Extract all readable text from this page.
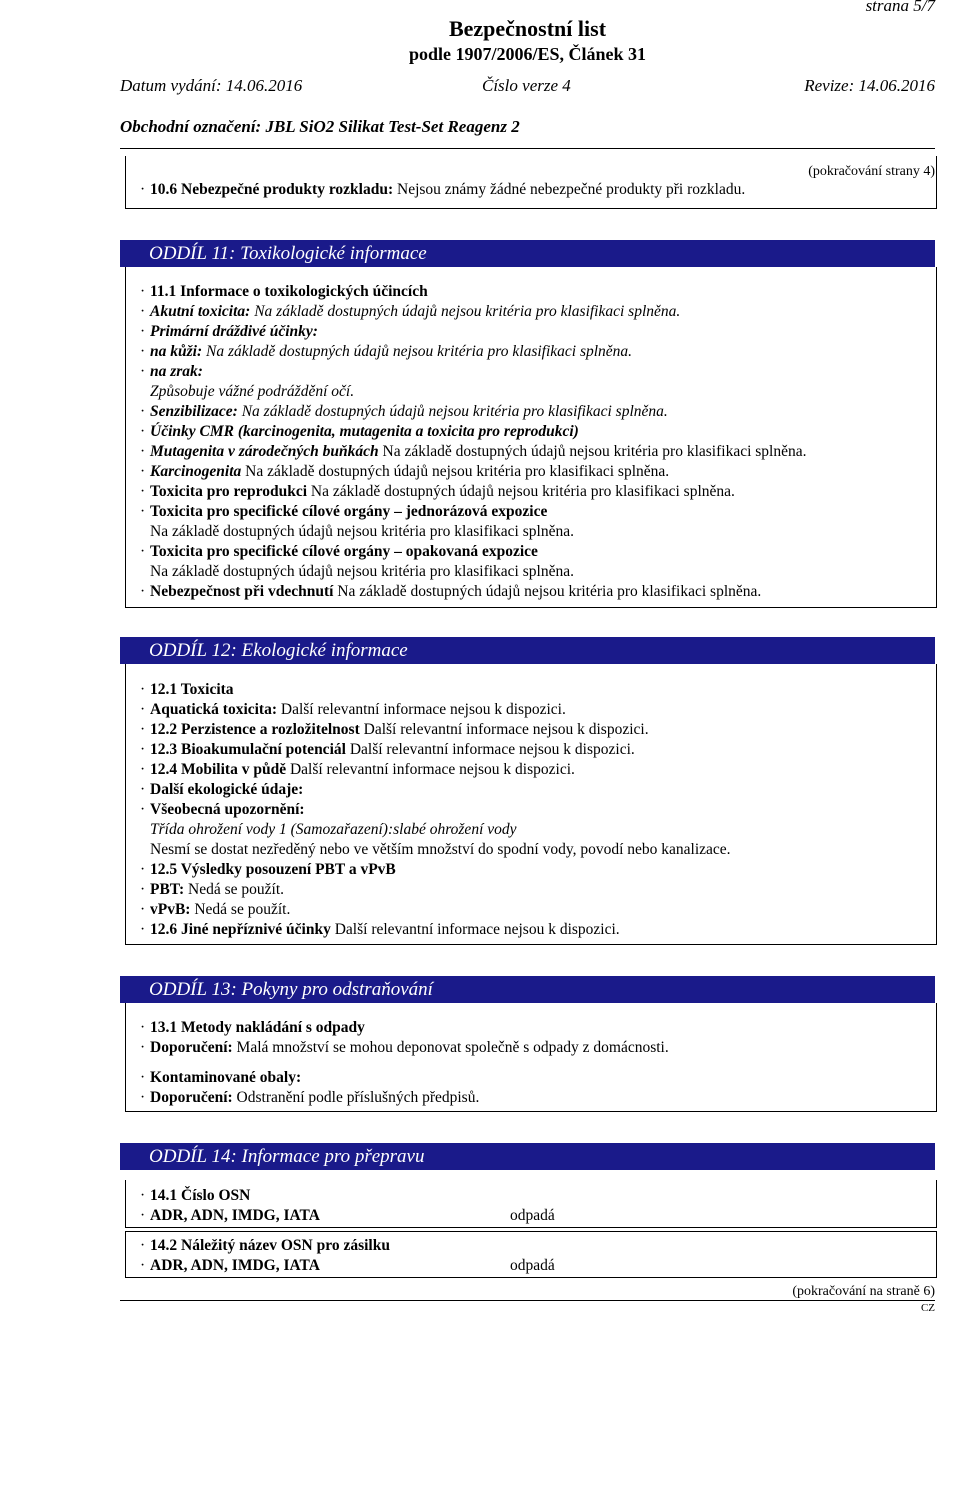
strana 5/7
Bezpečnostní list
podle 1907/2006/ES, Článek 31
Datum vydání: 14.06.2016	Číslo verze 4	Revize: 14.06.2016
Obchodní označení: JBL SiO2 Silikat Test-Set Reagenz 2
(pokračování strany 4)
· 10.6 Nebezpečné produkty rozkladu: Nejsou známy žádné nebezpečné produkty při rozkladu.
ODDÍL 11: Toxikologické informace
· 11.1 Informace o toxikologických účincích
· Akutní toxicita: Na základě dostupných údajů nejsou kritéria pro klasifikaci splněna.
· Primární dráždivé účinky:
· na kůži: Na základě dostupných údajů nejsou kritéria pro klasifikaci splněna.
· na zrak:
Způsobuje vážné podráždění očí.
· Senzibilizace: Na základě dostupných údajů nejsou kritéria pro klasifikaci splněna.
· Účinky CMR (karcinogenita, mutagenita a toxicita pro reprodukci)
· Mutagenita v zárodečných buňkách Na základě dostupných údajů nejsou kritéria pro klasifikaci splněna.
· Karcinogenita Na základě dostupných údajů nejsou kritéria pro klasifikaci splněna.
· Toxicita pro reprodukci Na základě dostupných údajů nejsou kritéria pro klasifikaci splněna.
· Toxicita pro specifické cílové orgány – jednorázová expozice
Na základě dostupných údajů nejsou kritéria pro klasifikaci splněna.
· Toxicita pro specifické cílové orgány – opakovaná expozice
Na základě dostupných údajů nejsou kritéria pro klasifikaci splněna.
· Nebezpečnost při vdechnutí Na základě dostupných údajů nejsou kritéria pro klasifikaci splněna.
ODDÍL 12: Ekologické informace
· 12.1 Toxicita
· Aquatická toxicita: Další relevantní informace nejsou k dispozici.
· 12.2 Perzistence a rozložitelnost Další relevantní informace nejsou k dispozici.
· 12.3 Bioakumulační potenciál Další relevantní informace nejsou k dispozici.
· 12.4 Mobilita v půdě Další relevantní informace nejsou k dispozici.
· Další ekologické údaje:
· Všeobecná upozornění:
Třída ohrožení vody 1 (Samozařazení):slabé ohrožení vody
Nesmí se dostat nezředěný nebo ve větším množství do spodní vody, povodí nebo kanalizace.
· 12.5 Výsledky posouzení PBT a vPvB
· PBT: Nedá se použít.
· vPvB: Nedá se použít.
· 12.6 Jiné nepříznivé účinky Další relevantní informace nejsou k dispozici.
ODDÍL 13: Pokyny pro odstraňování
· 13.1 Metody nakládání s odpady
· Doporučení: Malá množství se mohou deponovat společně s odpady z domácnosti.
· Kontaminované obaly:
· Doporučení: Odstranění podle příslušných předpisů.
ODDÍL 14: Informace pro přepravu
· 14.1 Číslo OSN
· ADR, ADN, IMDG, IATA	odpadá
· 14.2 Náležitý název OSN pro zásilku
· ADR, ADN, IMDG, IATA	odpadá
(pokračování na straně 6)
CZ
